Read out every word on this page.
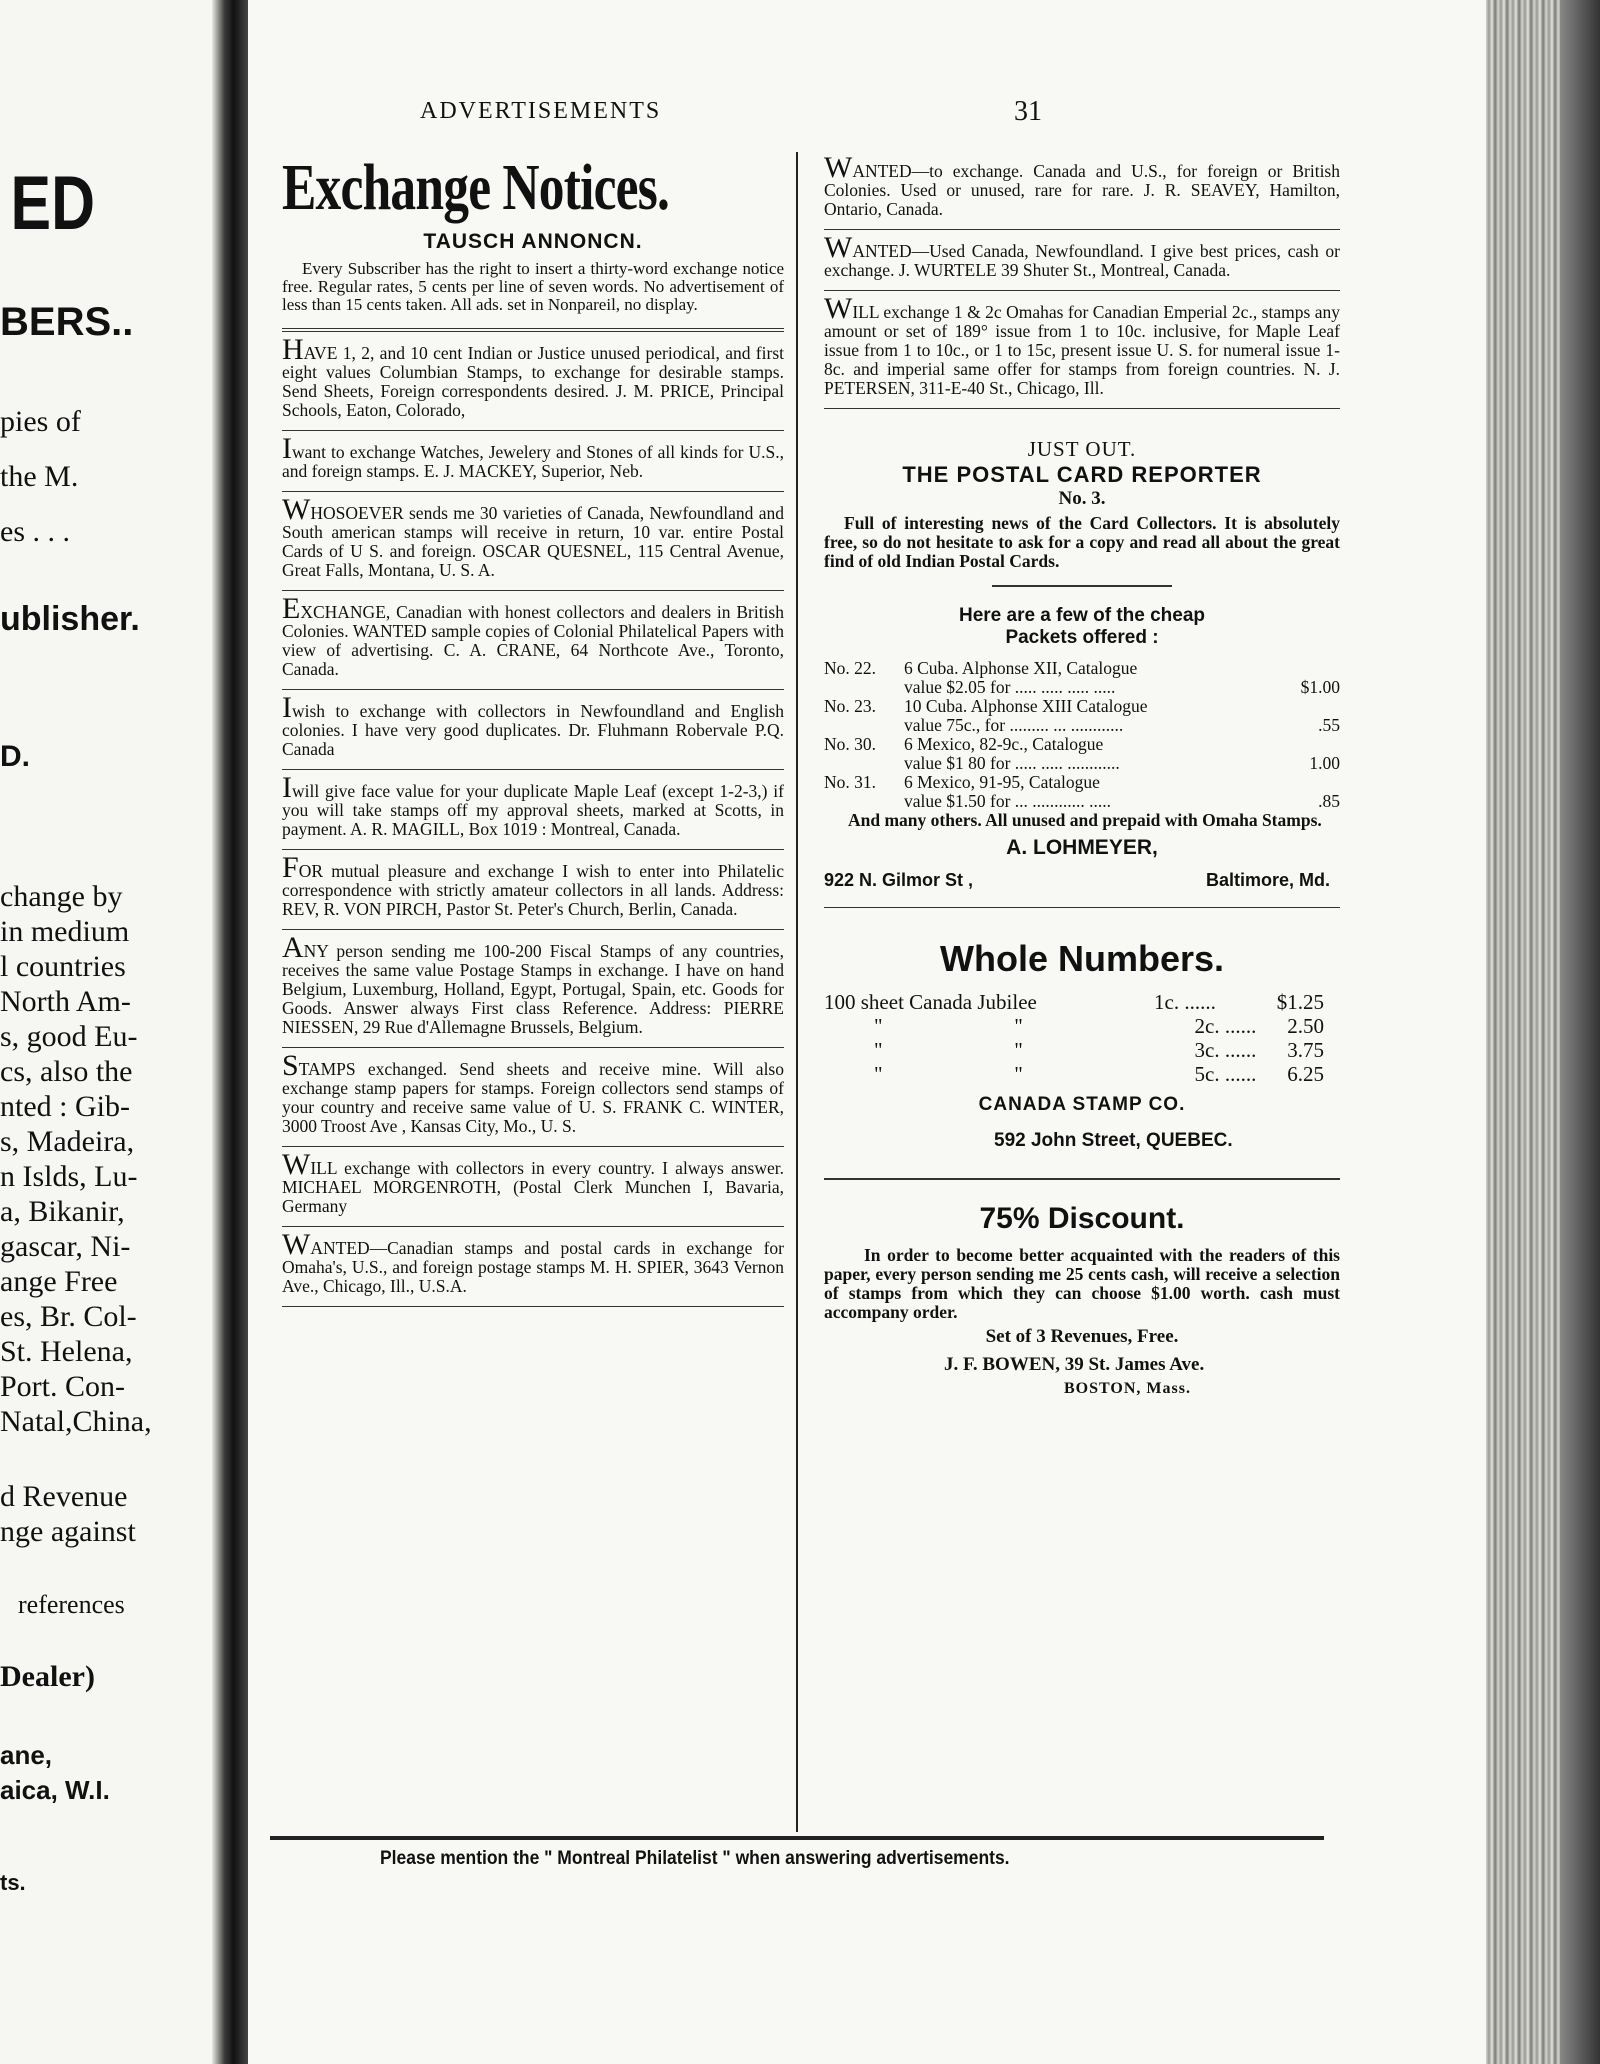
ED
BERS..
pies of
the M.
es . . .
ublisher.
D.
change by
in medium
l countries
North Am-
s, good Eu-
cs, also the
nted : Gib-
s, Madeira,
n Islds, Lu-
a, Bikanir,
gascar, Ni-
ange Free
es, Br. Col-
St. Helena,
Port. Con-
Natal,China,
d Revenue
nge against
references
Dealer)
ane,
aica, W.I.
ts.
ADVERTISEMENTS	31
Exchange Notices.
TAUSCH ANNONCN.
Every Subscriber has the right to insert a thirty-word exchange notice free. Regular rates, 5 cents per line of seven words. No advertisement of less than 15 cents taken. All ads. set in Nonpareil, no display.
HAVE 1, 2, and 10 cent Indian or Justice unused periodical, and first eight values Columbian Stamps, to exchange for desirable stamps. Send Sheets, Foreign correspondents desired. J. M. PRICE, Principal Schools, Eaton, Colorado,
Iwant to exchange Watches, Jewelery and Stones of all kinds for U.S., and foreign stamps. E. J. MACKEY, Superior, Neb.
WHOSOEVER sends me 30 varieties of Canada, Newfoundland and South american stamps will receive in return, 10 var. entire Postal Cards of U S. and foreign. OSCAR QUESNEL, 115 Central Avenue, Great Falls, Montana, U. S. A.
EXCHANGE, Canadian with honest collectors and dealers in British Colonies. WANTED sample copies of Colonial Philatelical Papers with view of advertising. C. A. CRANE, 64 Northcote Ave., Toronto, Canada.
Iwish to exchange with collectors in Newfoundland and English colonies. I have very good duplicates. Dr. Fluhmann Robervale P.Q. Canada
Iwill give face value for your duplicate Maple Leaf (except 1-2-3,) if you will take stamps off my approval sheets, marked at Scotts, in payment. A. R. MAGILL, Box 1019 : Montreal, Canada.
FOR mutual pleasure and exchange I wish to enter into Philatelic correspondence with strictly amateur collectors in all lands. Address: REV, R. VON PIRCH, Pastor St. Peter's Church, Berlin, Canada.
ANY person sending me 100-200 Fiscal Stamps of any countries, receives the same value Postage Stamps in exchange. I have on hand Belgium, Luxemburg, Holland, Egypt, Portugal, Spain, etc. Goods for Goods. Answer always First class Reference. Address: PIERRE NIESSEN, 29 Rue d'Allemagne Brussels, Belgium.
STAMPS exchanged. Send sheets and receive mine. Will also exchange stamp papers for stamps. Foreign collectors send stamps of your country and receive same value of U. S. FRANK C. WINTER, 3000 Troost Ave , Kansas City, Mo., U. S.
WILL exchange with collectors in every country. I always answer. MICHAEL MORGENROTH, (Postal Clerk Munchen I, Bavaria, Germany
WANTED—Canadian stamps and postal cards in exchange for Omaha's, U.S., and foreign postage stamps M. H. SPIER, 3643 Vernon Ave., Chicago, Ill., U.S.A.
WANTED—to exchange. Canada and U.S., for foreign or British Colonies. Used or unused, rare for rare. J. R. SEAVEY, Hamilton, Ontario, Canada.
WANTED—Used Canada, Newfoundland. I give best prices, cash or exchange. J. WURTELE 39 Shuter St., Montreal, Canada.
WILL exchange 1 & 2c Omahas for Canadian Emperial 2c., stamps any amount or set of 189° issue from 1 to 10c. inclusive, for Maple Leaf issue from 1 to 10c., or 1 to 15c, present issue U. S. for numeral issue 1-8c. and imperial same offer for stamps from foreign countries. N. J. PETERSEN, 311-E-40 St., Chicago, Ill.
JUST OUT.
THE POSTAL CARD REPORTER
No. 3.
Full of interesting news of the Card Collectors. It is absolutely free, so do not hesitate to ask for a copy and read all about the great find of old Indian Postal Cards.
Here are a few of the cheap
Packets offered :
No. 22.	6 Cuba. Alphonse XII, Catalogue
value $2.05 for ..... ..... ..... .....	$1.00
No. 23.	10 Cuba. Alphonse XIII Catalogue
value 75c., for ......... ... ............	.55
No. 30.	6 Mexico, 82-9c., Catalogue
value $1 80 for ..... ..... ............	1.00
No. 31.	6 Mexico, 91-95, Catalogue
value $1.50 for ... ............ .....	.85
And many others. All unused and prepaid with Omaha Stamps.
A. LOHMEYER,
922 N. Gilmor St ,	Baltimore, Md.
Whole Numbers.
100 sheet Canada Jubilee	1c. ......	$1.25
"	"	2c. ......	2.50
"	"	3c. ......	3.75
"	"	5c. ......	6.25
CANADA STAMP CO.
592 John Street, QUEBEC.
75% Discount.
In order to become better acquainted with the readers of this paper, every person sending me 25 cents cash, will receive a selection of stamps from which they can choose $1.00 worth. cash must accompany order.
Set of 3 Revenues, Free.
J. F. BOWEN, 39 St. James Ave.
BOSTON, Mass.
Please mention the " Montreal Philatelist " when answering advertisements.
